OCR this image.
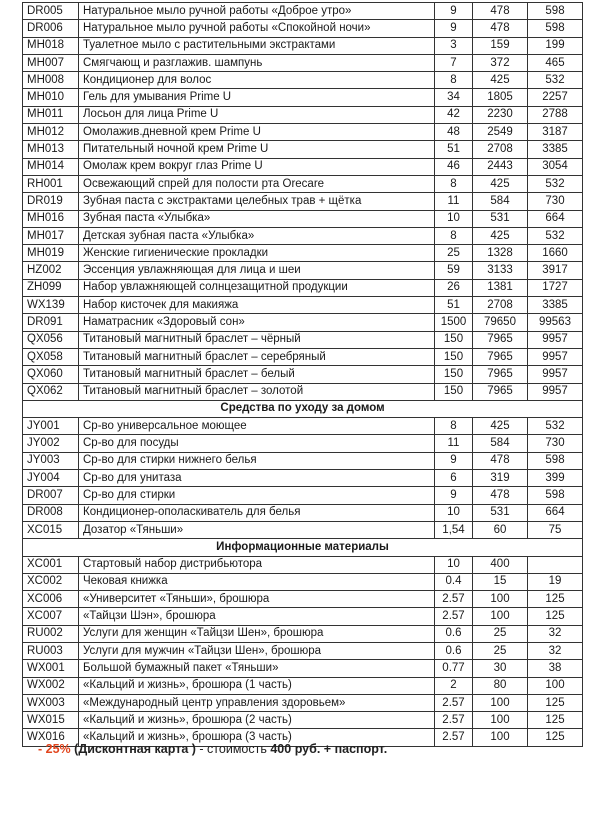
DR005	Натуральное мыло ручной работы «Доброе утро»	9	478	598
DR006	Натуральное мыло ручной работы «Спокойной ночи»	9	478	598
MH018	Туалетное мыло с растительными экстрактами	3	159	199
MH007	Смягчающ и разглажив. шампунь	7	372	465
MH008	Кондиционер для волос	8	425	532
MH010	Гель для умывания Prime U	34	1805	2257
MH011	Лосьон для лица Prime U	42	2230	2788
MH012	Омолажив.дневной крем Prime U	48	2549	3187
MH013	Питательный ночной крем Prime U	51	2708	3385
MH014	Омолаж крем вокруг глаз Prime U	46	2443	3054
RH001	Освежающий спрей для полости рта Orecare	8	425	532
DR019	Зубная паста с экстрактами целебных трав + щётка	11	584	730
MH016	Зубная паста «Улыбка»	10	531	664
MH017	Детская зубная паста «Улыбка»	8	425	532
MH019	Женские гигиенические прокладки	25	1328	1660
HZ002	Эссенция увлажняющая для лица и шеи	59	3133	3917
ZH099	Набор увлажняющей солнцезащитной продукции	26	1381	1727
WX139	Набор кисточек для макияжа	51	2708	3385
DR091	Наматрасник «Здоровый сон»	1500	79650	99563
QX056	Титановый магнитный браслет – чёрный	150	7965	9957
QX058	Титановый магнитный браслет – серебряный	150	7965	9957
QX060	Титановый магнитный браслет – белый	150	7965	9957
QX062	Титановый магнитный браслет – золотой	150	7965	9957
Средства по уходу за домом				
JY001	Ср-во универсальное моющее	8	425	532
JY002	Ср-во для посуды	11	584	730
JY003	Ср-во для стирки нижнего белья	9	478	598
JY004	Ср-во для унитаза	6	319	399
DR007	Ср-во для стирки	9	478	598
DR008	Кондиционер-ополаскиватель для белья	10	531	664
XC015	Дозатор «Тяньши»	1,54	60	75
Информационные материалы				
XC001	Стартовый набор дистрибьютора	10	400	
XC002	Чековая книжка	0.4	15	19
XC006	«Университет «Тяньши», брошюра	2.57	100	125
XC007	«Тайцзи Шэн», брошюра	2.57	100	125
RU002	Услуги для женщин «Тайцзи Шен», брошюра	0.6	25	32
RU003	Услуги для мужчин «Тайцзи Шен», брошюра	0.6	25	32
WX001	Большой бумажный пакет «Тяньши»	0.77	30	38
WX002	«Кальций и жизнь», брошюра (1 часть)	2	80	100
WX003	«Международный центр управления здоровьем»	2.57	100	125
WX015	«Кальций и жизнь», брошюра (2 часть)	2.57	100	125
WX016	«Кальций и жизнь», брошюра (3 часть)	2.57	100	125
- 25% (Дисконтная карта ) - стоимость 400 руб. + паспорт.
